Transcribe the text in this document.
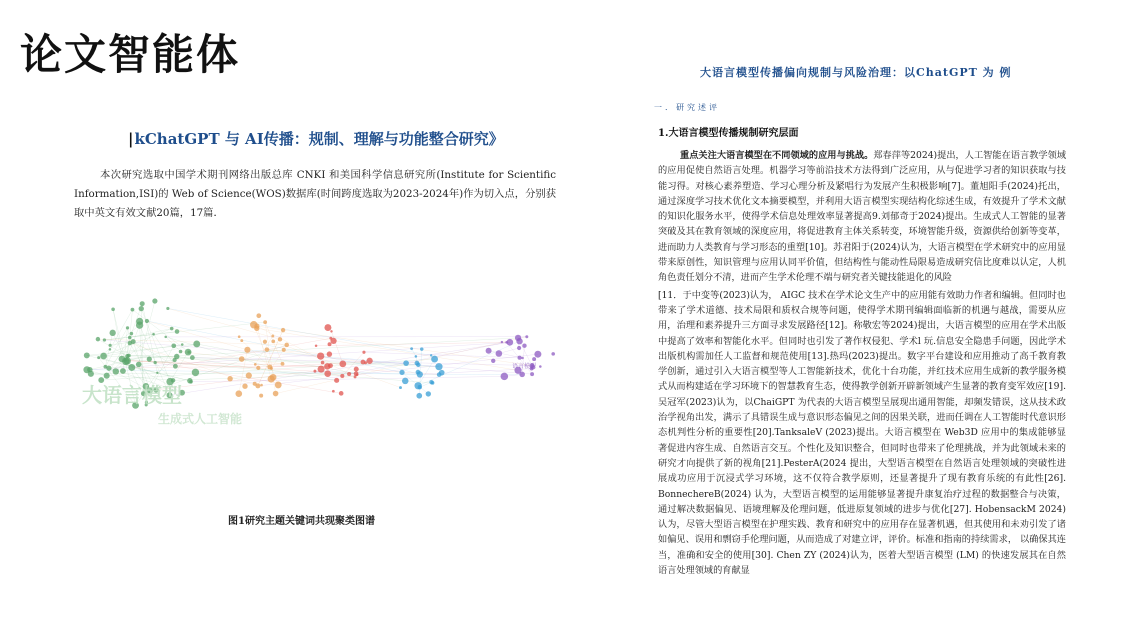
论文智能体
|kChatGPT 与 AI传播：规制、理解与功能整合研究》

本次研究选取中国学术期刊网络出版总库 CNKI 和美国科学信息研究所(Institute for Scientific Information,ISI)的 Web of Science(WOS)数据库(时间跨度选取为2023-2024年)作为切入点，分别获取中英文有效文献20篇，17篇．

大语言模型
生成式人工智能
语言模型
图1研究主题关键词共现聚类图谱
大语言模型传播偏向规制与风险治理：以ChatGPT 为 例
一．研究述评
1.大语言模型传播规制研究层面

重点关注大语言模型在不同领域的应用与挑战。郑春萍等2024)提出，人工智能在语言教学领域的应用促使自然语言处理。机器学习等前沿技术方法得到广泛应用，从与促进学习者的知识获取与技能习得。对核心素养塑造、学习心理分析及紧唱行为发展产生积极影响[7]。董旭阳手(2024)托出，通过深度学习技术优化文本摘要模型，并利用大语言模型实现结构化综述生成，有效提升了学术文献的知识化服务水平，使得学术信息处理效率显著提高9.刘郁奇于2024)提出。生成式人工智能的显著突破及其在教育领域的深度应用，将促进教育主体关系转变，环境智能升级，资源供给创新等变革，进而助力人类教育与学习形态的重塑[10]。苏君阳于(2024)认为，大语言模型在学术研究中的应用显带来原创性，知识管理与应用认同平价值，但结构性与能动性局限易造成研究信比度难以认定，人机角色责任划分不清，进而产生学术伦理不端与研究者关键技能退化的风险

[11．于中变等(2023)认为， AIGC 技术在学术论文生产中的应用能有效助力作者和编辑。但同时也带来了学术道德、技术局限和质权合规等问题，使得学术期刊编辑面临新的机遇与越战，需要从应用，治理和素养提升三方面寻求发展路径[12]。称敬宏等2024)提出，大语言模型的应用在学术出版中提高了效率和智能化水平。但同时也引发了著作权侵犯、学术l 玩.信息安全隐患手问题，因此学术出版机构需加任人工监督和规范使用[13].热玛(2023)提出。数字平台建设和应用推动了高千教育教学创新，通过引入大语言模型等人工智能新技术，优化十台功能，并红技术应用生成新的教学服务模式从而构建适在学习环境下的智慧教育生态，使得教学创新开辟新领域产生显著的教育变军效应[19].吴冠军(2023)认为，以ChaiGPT 为代表的大语言模型呈展现出通用智能，却频发错误，这从技术政治学视角出发，满示了具错误生成与意识形态偏见之间的因果关联，进而任调在人工智能时代意识形态机判性分析的重要性[20].TanksaleV (2023)提出。大语言模型在 Web3D 应用中的集成能够显著促进内容生成、自然语言交互。个性化及知识整合，但同时也带来了伦理挑战，并为此领域未来的研究才向提供了新的视角[21].PesterA(2024 提出，大型语言模型在自然语言处理领域的突破性进展成功应用于沉浸式学习环境，这不仅符合教学原则，还显著提升了现有教育乐统的有此性[26]. BonnechereB(2024) 认为，大型语言模型的运用能够显著提升康复治疗过程的数据整合与决策，通过解决数据偏见、语境理解及伦理问题，低进原复领域的进步与优化[27]. HobensackM 2024)认为，尽管大型语言模型在护理实践、教育和研究中的应用存在显著机遇，但其使用和未劝引发了诸如偏见、误用和剽窃手伦理问题，从而造成了对建立评，评价。标准和指南的持续需求， 以确保其连当，准确和安全的使用[30]. Chen ZY (2024)认为，医着大型语言模型 (LM) 的快速发展其在自然语言处理领域的育献显
